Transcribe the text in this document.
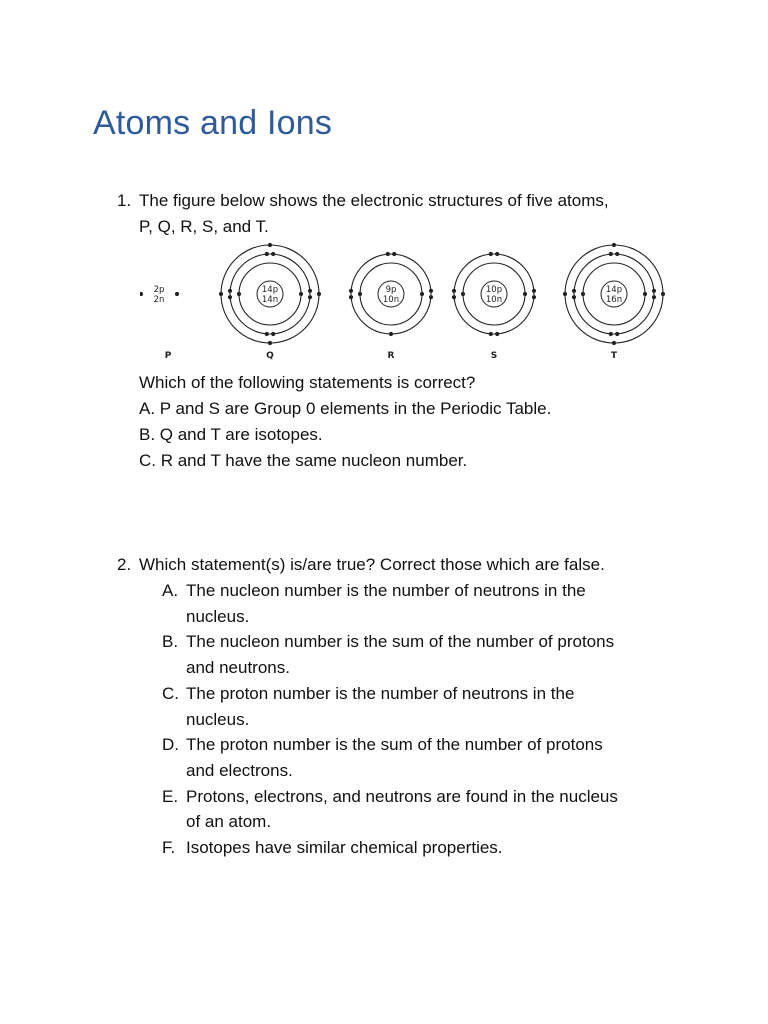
Atoms and Ions
1. The figure below shows the electronic structures of five atoms,
P, Q, R, S, and T.
2p
2n
P
14p
14n
Q
9p
10n
R
10p
10n
S
14p
16n
T
Which of the following statements is correct?
A. P and S are Group 0 elements in the Periodic Table.
B. Q and T are isotopes.
C. R and T have the same nucleon number.
2. Which statement(s) is/are true? Correct those which are false.
A. The nucleon number is the number of neutrons in the
nucleus.
B. The nucleon number is the sum of the number of protons
and neutrons.
C. The proton number is the number of neutrons in the
nucleus.
D. The proton number is the sum of the number of protons
and electrons.
E. Protons, electrons, and neutrons are found in the nucleus
of an atom.
F. Isotopes have similar chemical properties.
